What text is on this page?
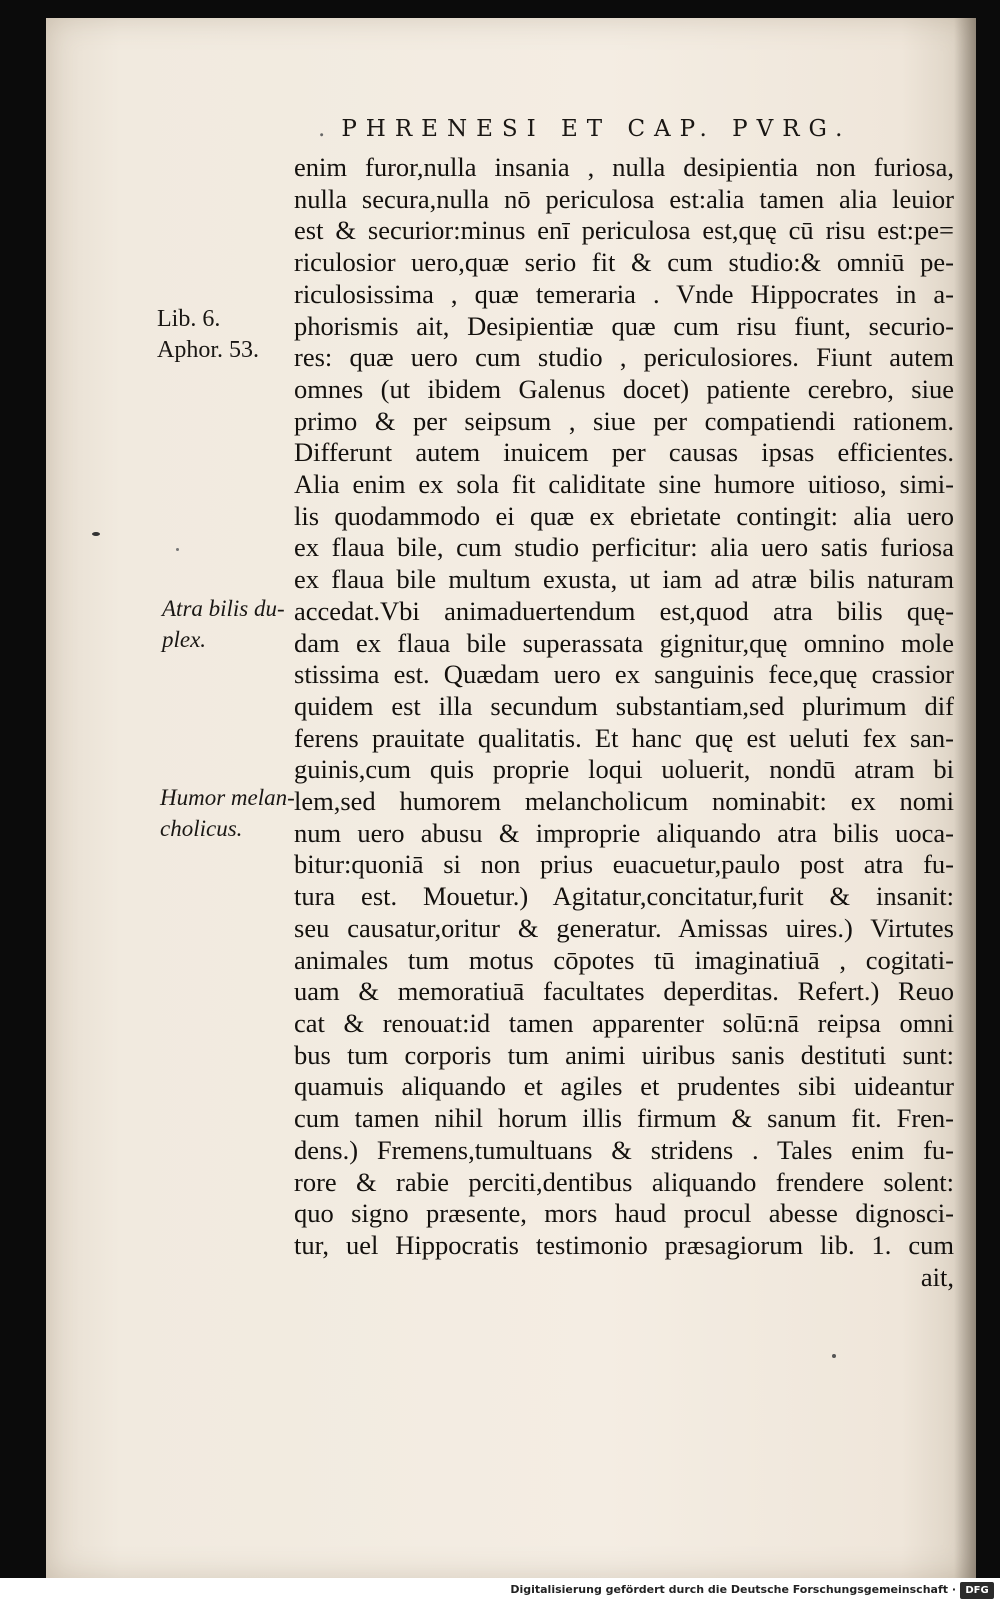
. PHRENESI ET CAP. PVRG.
enim furor,nulla insania , nulla desipientia non furiosa,
nulla secura,nulla nō periculosa est:alia tamen alia leuior
est & securior:minus enī periculosa est,quę cū risu est:pe=
riculosior uero,quæ serio fit & cum studio:& omniū pe-
riculosissima , quæ temeraria . Vnde Hippocrates in a-
phorismis ait, Desipientiæ quæ cum risu fiunt, securio-
res: quæ uero cum studio , periculosiores. Fiunt autem
omnes (ut ibidem Galenus docet) patiente cerebro, siue
primo & per seipsum , siue per compatiendi rationem.
Differunt autem inuicem per causas ipsas efficientes.
Alia enim ex sola fit caliditate sine humore uitioso, simi-
lis quodammodo ei quæ ex ebrietate contingit: alia uero
ex flaua bile, cum studio perficitur: alia uero satis furiosa
ex flaua bile multum exusta, ut iam ad atræ bilis naturam
accedat.Vbi animaduertendum est,quod atra bilis quę-
dam ex flaua bile superassata gignitur,quę omnino mole
stissima est. Quædam uero ex sanguinis fece,quę crassior
quidem est illa secundum substantiam,sed plurimum dif
ferens prauitate qualitatis. Et hanc quę est ueluti fex san-
guinis,cum quis proprie loqui uoluerit, nondū atram bi
lem,sed humorem melancholicum nominabit: ex nomi
num uero abusu & improprie aliquando atra bilis uoca-
bitur:quoniā si non prius euacuetur,paulo post atra fu-
tura est. Mouetur.) Agitatur,concitatur,furit & insanit:
seu causatur,oritur & generatur. Amissas uires.) Virtutes
animales tum motus cōpotes tū imaginatiuā , cogitati-
uam & memoratiuā facultates deperditas. Refert.) Reuo
cat & renouat:id tamen apparenter solū:nā reipsa omni
bus tum corporis tum animi uiribus sanis destituti sunt:
quamuis aliquando et agiles et prudentes sibi uideantur
cum tamen nihil horum illis firmum & sanum fit. Fren-
dens.) Fremens,tumultuans & stridens . Tales enim fu-
rore & rabie perciti,dentibus aliquando frendere solent:
quo signo præsente, mors haud procul abesse dignosci-
tur, uel Hippocratis testimonio præsagiorum lib. 1. cum
ait,
Lib. 6.
Aphor. 53.
Atra bilis du-
plex.
Humor melan-
cholicus.
Digitalisierung gefördert durch die Deutsche Forschungsgemeinschaft · DFG
